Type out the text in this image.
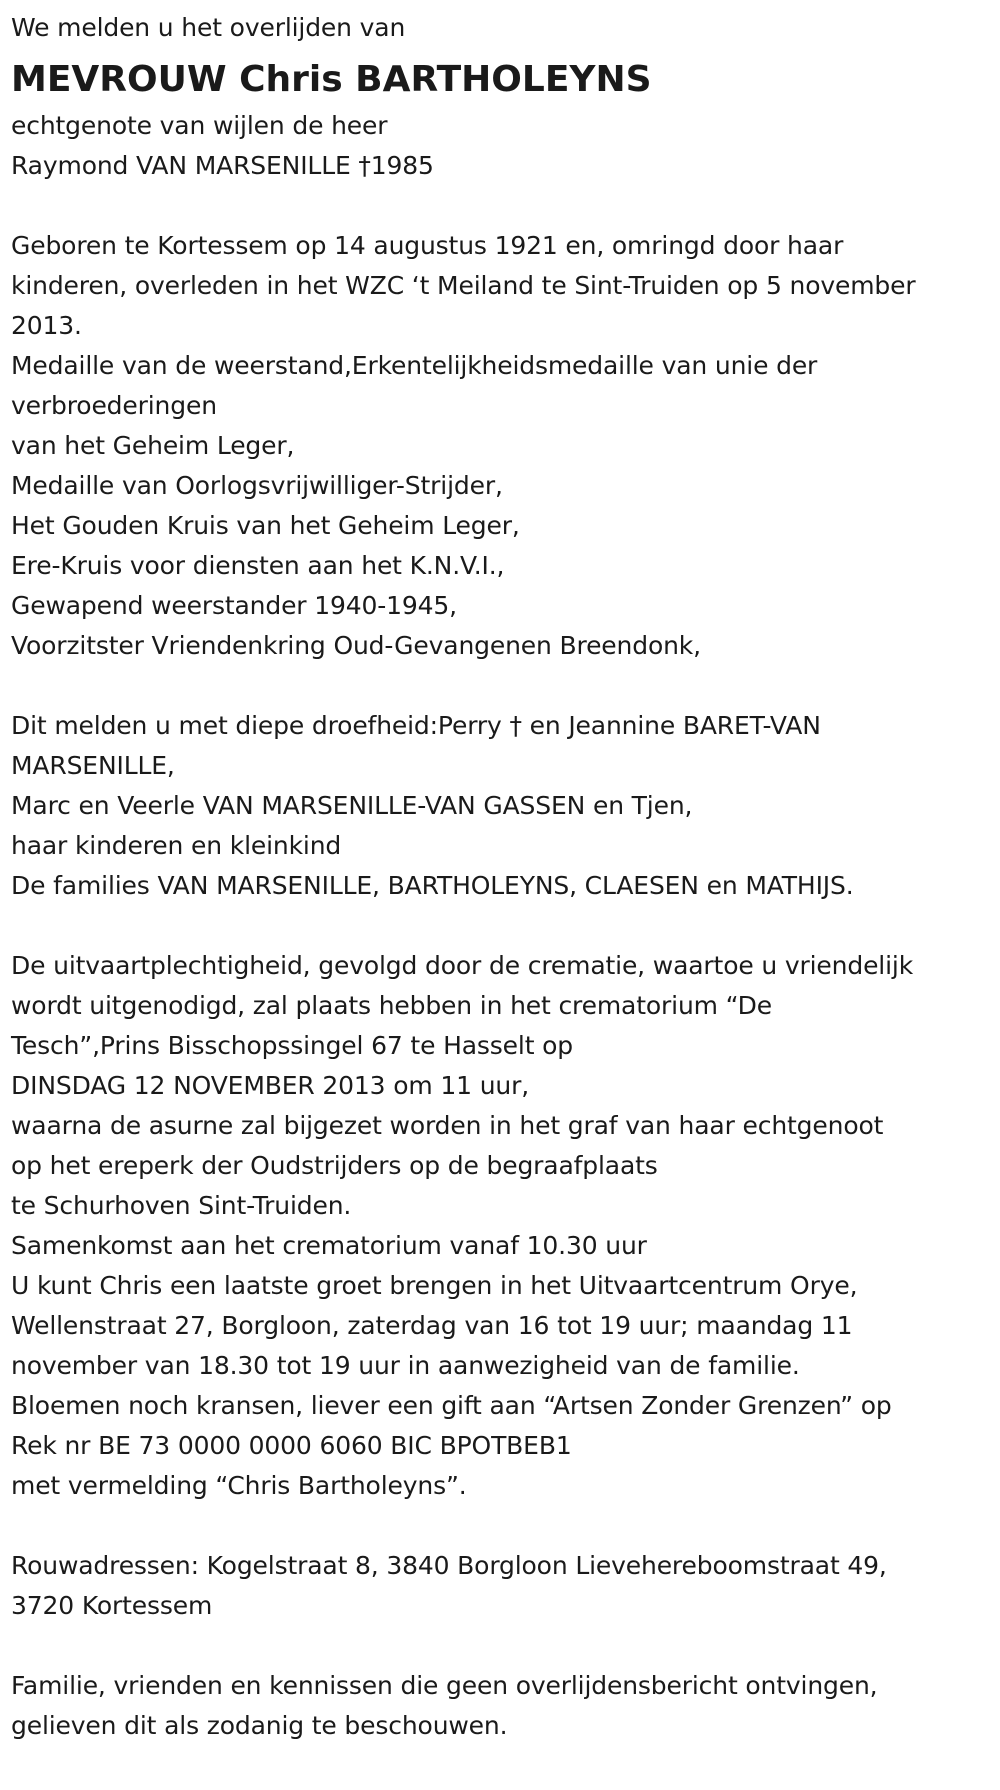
We melden u het overlijden van
MEVROUW Chris BARTHOLEYNS
echtgenote van wijlen de heer
Raymond VAN MARSENILLE †1985
Geboren te Kortessem op 14 augustus 1921 en, omringd door haar
kinderen, overleden in het WZC ‘t Meiland te Sint-Truiden op 5 november
2013.
Medaille van de weerstand,Erkentelijkheidsmedaille van unie der
verbroederingen
van het Geheim Leger,
Medaille van Oorlogsvrijwilliger-Strijder,
Het Gouden Kruis van het Geheim Leger,
Ere-Kruis voor diensten aan het K.N.V.I.,
Gewapend weerstander 1940-1945,
Voorzitster Vriendenkring Oud-Gevangenen Breendonk,
Dit melden u met diepe droefheid:Perry † en Jeannine BARET-VAN
MARSENILLE,
Marc en Veerle VAN MARSENILLE-VAN GASSEN en Tjen,
haar kinderen en kleinkind
De families VAN MARSENILLE, BARTHOLEYNS, CLAESEN en MATHIJS.
De uitvaartplechtigheid, gevolgd door de crematie, waartoe u vriendelijk
wordt uitgenodigd, zal plaats hebben in het crematorium “De
Tesch”,Prins Bisschopssingel 67 te Hasselt op
DINSDAG 12 NOVEMBER 2013 om 11 uur,
waarna de asurne zal bijgezet worden in het graf van haar echtgenoot
op het ereperk der Oudstrijders op de begraafplaats
te Schurhoven Sint-Truiden.
Samenkomst aan het crematorium vanaf 10.30 uur
U kunt Chris een laatste groet brengen in het Uitvaartcentrum Orye,
Wellenstraat 27, Borgloon, zaterdag van 16 tot 19 uur; maandag 11
november van 18.30 tot 19 uur in aanwezigheid van de familie.
Bloemen noch kransen, liever een gift aan “Artsen Zonder Grenzen” op
Rek nr BE 73 0000 0000 6060 BIC BPOTBEB1
met vermelding “Chris Bartholeyns”.
Rouwadressen: Kogelstraat 8, 3840 Borgloon Lievehereboomstraat 49,
3720 Kortessem
Familie, vrienden en kennissen die geen overlijdensbericht ontvingen,
gelieven dit als zodanig te beschouwen.
